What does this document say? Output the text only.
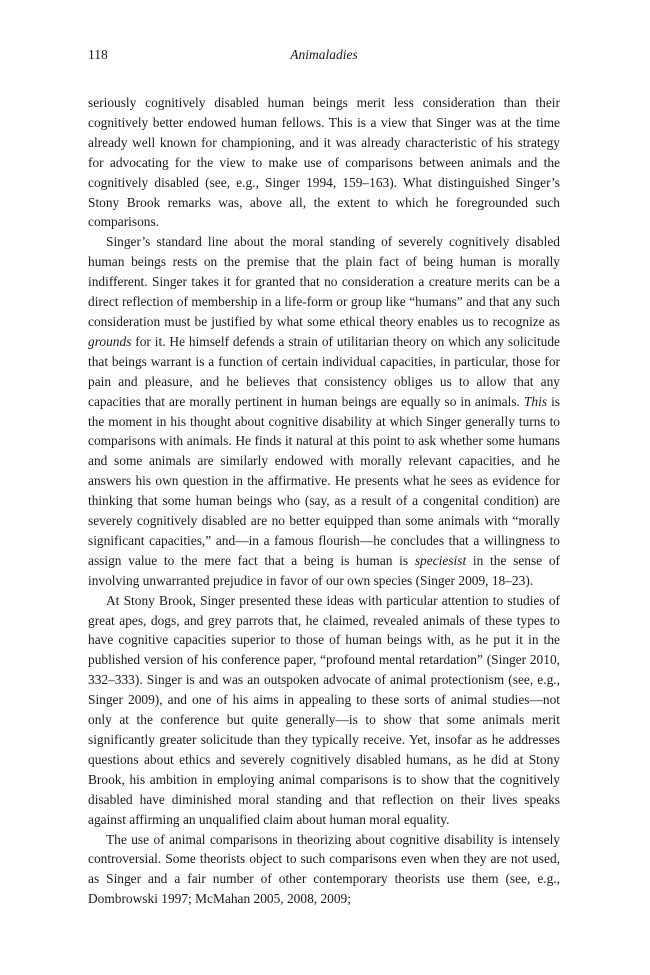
118	Animaladies

seriously cognitively disabled human beings merit less consideration than their cognitively better endowed human fellows. This is a view that Singer was at the time already well known for championing, and it was already characteristic of his strategy for advocating for the view to make use of comparisons between animals and the cognitively disabled (see, e.g., Singer 1994, 159–163). What distinguished Singer’s Stony Brook remarks was, above all, the extent to which he foregrounded such comparisons.

Singer’s standard line about the moral standing of severely cognitively disabled human beings rests on the premise that the plain fact of being human is morally indifferent. Singer takes it for granted that no consideration a creature merits can be a direct reflection of membership in a life-form or group like “humans” and that any such consideration must be justified by what some ethical theory enables us to recognize as grounds for it. He himself defends a strain of utilitarian theory on which any solicitude that beings warrant is a function of certain individual capacities, in particular, those for pain and pleasure, and he believes that consistency obliges us to allow that any capacities that are morally pertinent in human beings are equally so in animals. This is the moment in his thought about cognitive disability at which Singer generally turns to comparisons with animals. He finds it natural at this point to ask whether some humans and some animals are similarly endowed with morally relevant capacities, and he answers his own question in the affirmative. He presents what he sees as evidence for thinking that some human beings who (say, as a result of a congenital condition) are severely cognitively disabled are no better equipped than some animals with “morally significant capacities,” and—in a famous flourish—he concludes that a willingness to assign value to the mere fact that a being is human is speciesist in the sense of involving unwarranted prejudice in favor of our own species (Singer 2009, 18–23).

At Stony Brook, Singer presented these ideas with particular attention to studies of great apes, dogs, and grey parrots that, he claimed, revealed animals of these types to have cognitive capacities superior to those of human beings with, as he put it in the published version of his conference paper, “profound mental retardation” (Singer 2010, 332–333). Singer is and was an outspoken advocate of animal protectionism (see, e.g., Singer 2009), and one of his aims in appealing to these sorts of animal studies—not only at the conference but quite generally—is to show that some animals merit significantly greater solicitude than they typically receive. Yet, insofar as he addresses questions about ethics and severely cognitively disabled humans, as he did at Stony Brook, his ambition in employing animal comparisons is to show that the cognitively disabled have diminished moral standing and that reflection on their lives speaks against affirming an unqualified claim about human moral equality.

The use of animal comparisons in theorizing about cognitive disability is intensely controversial. Some theorists object to such comparisons even when they are not used, as Singer and a fair number of other contemporary theorists use them (see, e.g., Dombrowski 1997; McMahan 2005, 2008, 2009;
